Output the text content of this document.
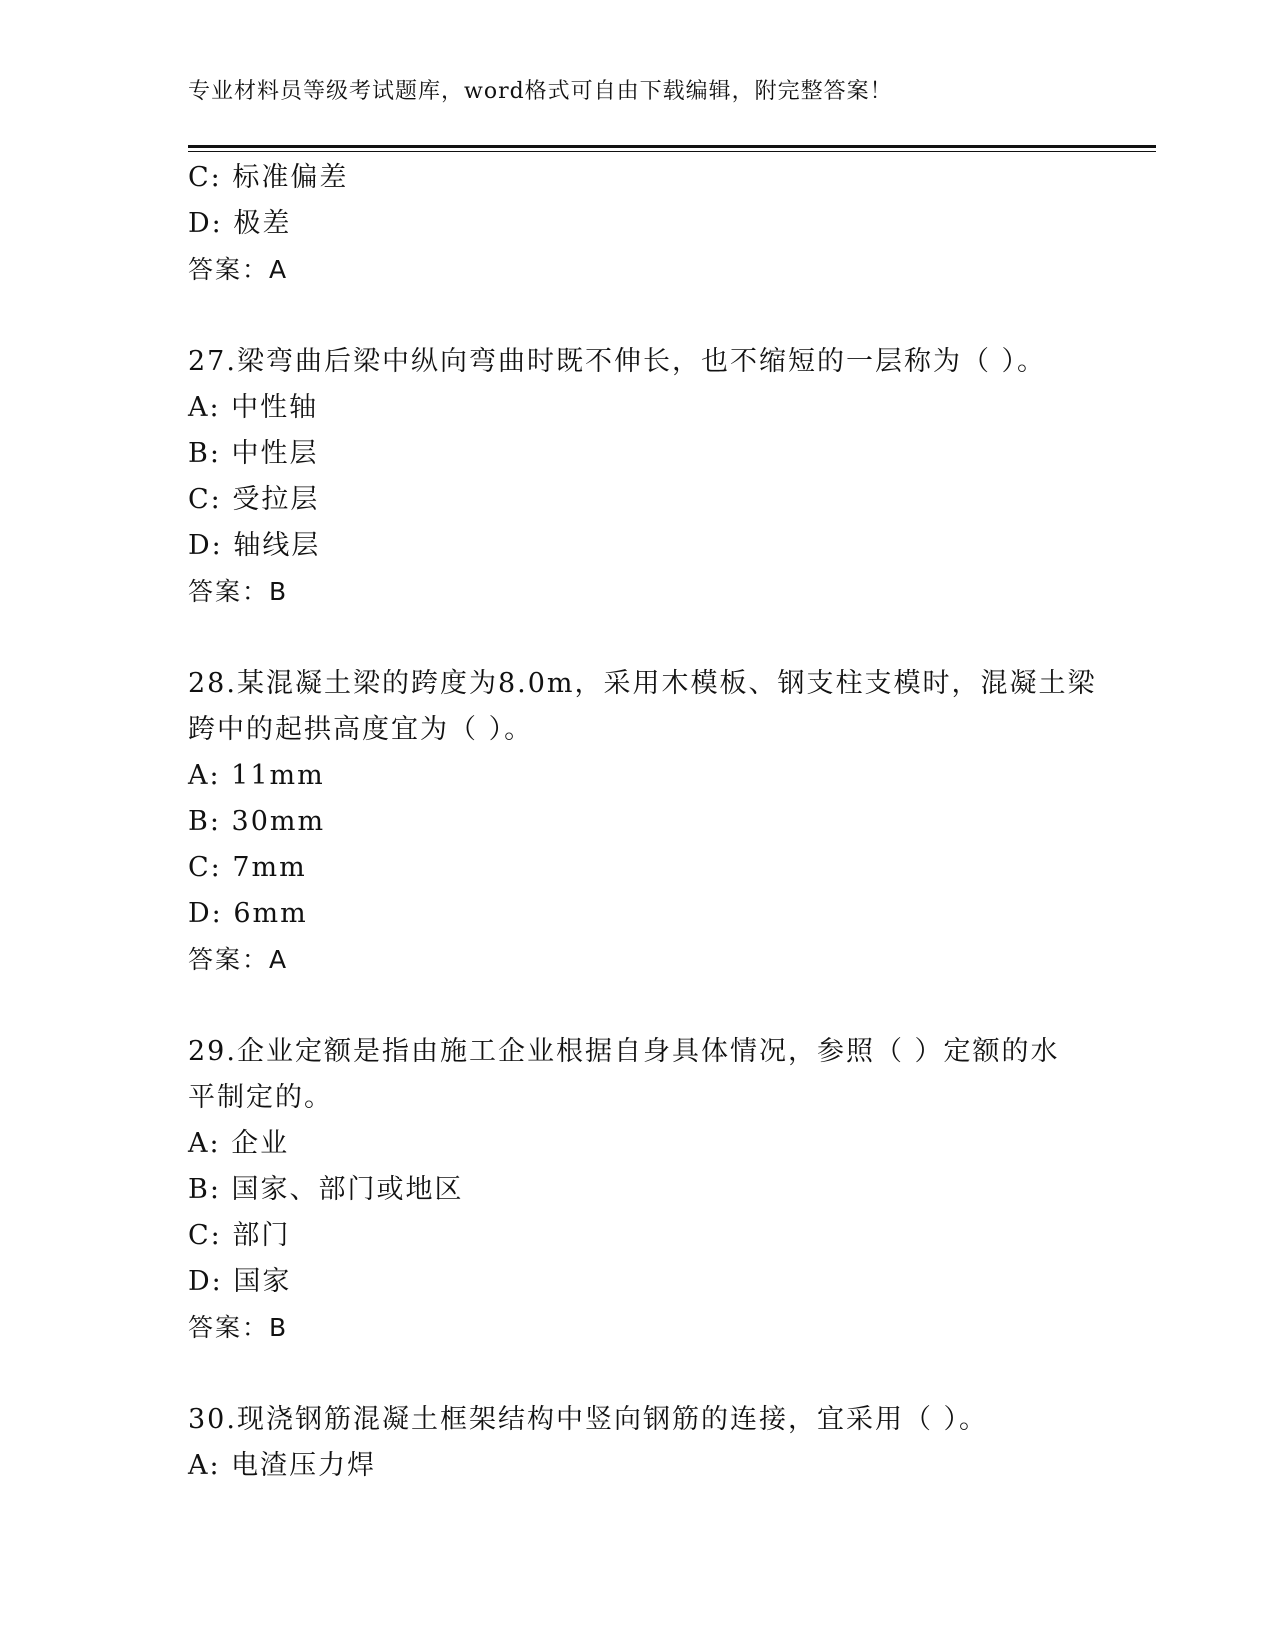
专业材料员等级考试题库，word格式可自由下载编辑，附完整答案！
C: 标准偏差
D: 极差
答案：A
27.梁弯曲后梁中纵向弯曲时既不伸长，也不缩短的一层称为（ ）。
A: 中性轴
B: 中性层
C: 受拉层
D: 轴线层
答案：B
28.某混凝土梁的跨度为8.0m，采用木模板、钢支柱支模时，混凝土梁
跨中的起拱高度宜为（ ）。
A: 11mm
B: 30mm
C: 7mm
D: 6mm
答案：A
29.企业定额是指由施工企业根据自身具体情况，参照（ ）定额的水
平制定的。
A: 企业
B: 国家、部门或地区
C: 部门
D: 国家
答案：B
30.现浇钢筋混凝土框架结构中竖向钢筋的连接，宜采用（ ）。
A: 电渣压力焊
